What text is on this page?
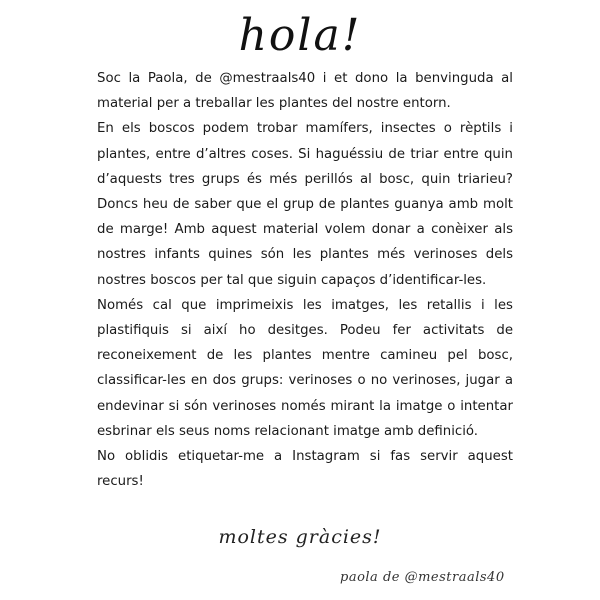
hola!

Soc la Paola, de @mestraals40 i et dono la benvinguda al material per a treballar les plantes del nostre entorn.

En els boscos podem trobar mamífers, insectes o rèptils i plantes, entre d’altres coses. Si haguéssiu de triar entre quin d’aquests tres grups és més perillós al bosc, quin triarieu? Doncs heu de saber que el grup de plantes guanya amb molt de marge! Amb aquest material volem donar a conèixer als nostres infants quines són les plantes més verinoses dels nostres boscos per tal que siguin capaços d’identificar-les.

Només cal que imprimeixis les imatges, les retallis i les plastifiquis si així ho desitges. Podeu fer activitats de reconeixement de les plantes mentre camineu pel bosc, classificar-les en dos grups: verinoses o no verinoses, jugar a endevinar si són verinoses només mirant la imatge o intentar esbrinar els seus noms relacionant imatge amb definició.

No oblidis etiquetar-me a Instagram si fas servir aquest recurs!

moltes gràcies!
paola de @mestraals40
